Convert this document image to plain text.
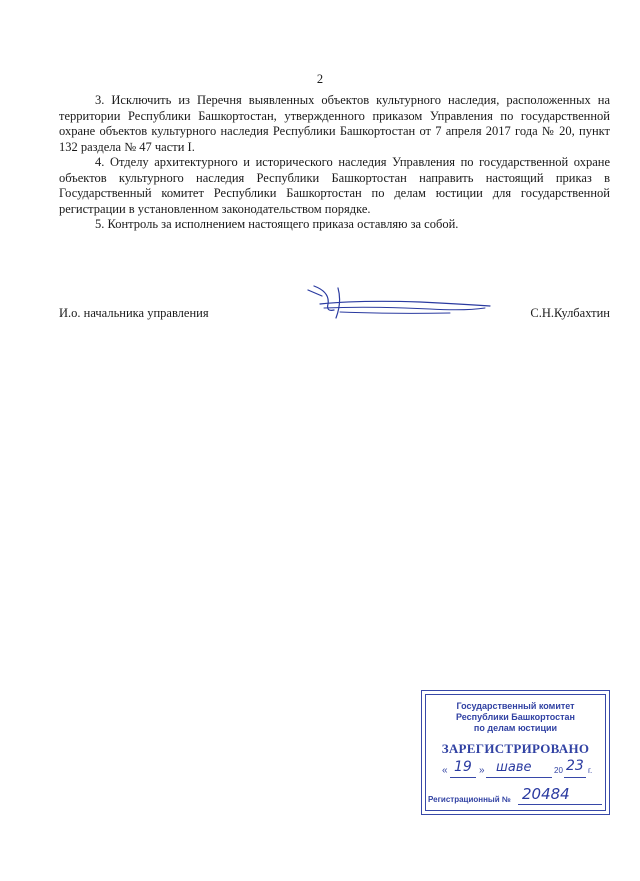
2

3. Исключить из Перечня выявленных объектов культурного наследия, расположенных на территории Республики Башкортостан, утвержденного приказом Управления по государственной охране объектов культурного наследия Республики Башкортостан от 7 апреля 2017 года № 20, пункт 132 раздела № 47 части I.

4. Отделу архитектурного и исторического наследия Управления по государственной охране объектов культурного наследия Республики Башкортостан направить настоящий приказ в Государственный комитет Республики Башкортостан по делам юстиции для государственной регистрации в установленном законодательством порядке.

5. Контроль за исполнением настоящего приказа оставляю за собой.

И.о. начальника управления	С.Н.Кулбахтин
Государственный комитет
Республики Башкортостан
по делам юстиции
ЗАРЕГИСТРИРОВАНО
« 19 » шаве	20 23 г.
Регистрационный № 20484
